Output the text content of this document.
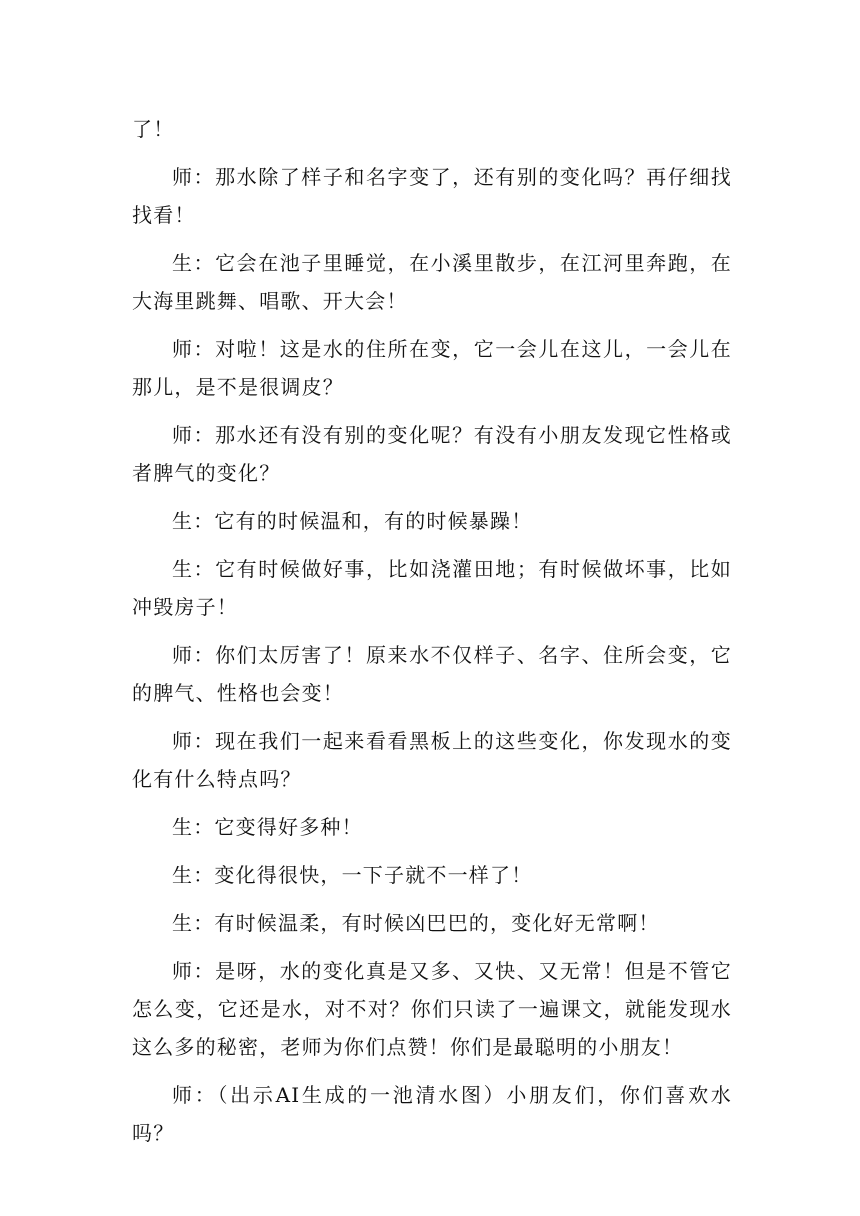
了！

师：那水除了样子和名字变了，还有别的变化吗？再仔细找找看！

生：它会在池子里睡觉，在小溪里散步，在江河里奔跑，在大海里跳舞、唱歌、开大会！

师：对啦！这是水的住所在变，它一会儿在这儿，一会儿在那儿，是不是很调皮？

师：那水还有没有别的变化呢？有没有小朋友发现它性格或者脾气的变化？

生：它有的时候温和，有的时候暴躁！

生：它有时候做好事，比如浇灌田地；有时候做坏事，比如冲毁房子！

师：你们太厉害了！原来水不仅样子、名字、住所会变，它的脾气、性格也会变！

师：现在我们一起来看看黑板上的这些变化，你发现水的变化有什么特点吗？

生：它变得好多种！

生：变化得很快，一下子就不一样了！

生：有时候温柔，有时候凶巴巴的，变化好无常啊！

师：是呀，水的变化真是又多、又快、又无常！但是不管它怎么变，它还是水，对不对？你们只读了一遍课文，就能发现水这么多的秘密，老师为你们点赞！你们是最聪明的小朋友！

师：（出示AI生成的一池清水图）小朋友们，你们喜欢水吗？
